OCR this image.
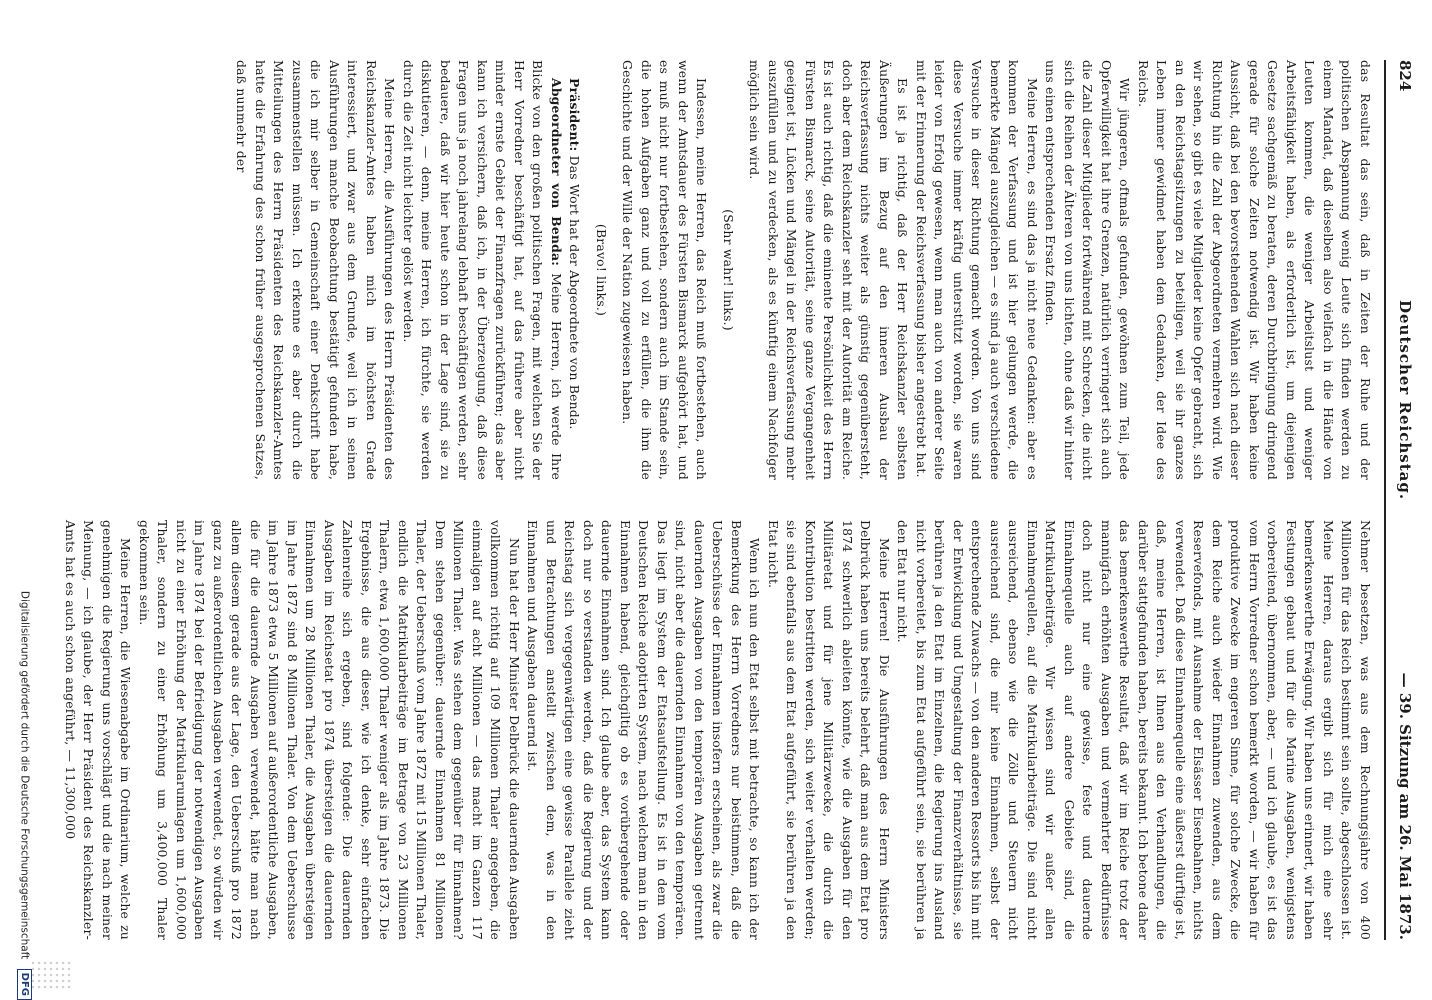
824
Deutscher Reichstag.
— 39. Sitzung am 26. Mai 1873.

das Resultat das sein, daß in Zeiten der Ruhe und der politischen Abspannung wenig Leute sich finden werden zu einem Mandat, daß dieselben also vielfach in die Hände von Leuten kommen, die weniger Arbeitslust und weniger Arbeitsfähigkeit haben, als erforderlich ist, um diejenigen Gesetze sachgemäß zu beraten, deren Durchbringung dringend gerade für solche Zeiten notwendig ist. Wir haben keine Aussicht, daß bei den bevorstehenden Wahlen sich nach dieser Richtung hin die Zahl der Abgeordneten vermehren wird. Wie wir sehen, so gibt es viele Mitglieder keine Opfer gebracht, sich an den Reichstagsitzungen zu beteiligen, weil sie ihr ganzes Leben immer gewidmet haben dem Gedanken, der Idee des Reichs.

Wir jüngeren, oftmals gefunden, gewöhnen zum Teil, jede Opferwilligkeit hat ihre Grenzen, natürlich verringert sich auch die Zahl dieser Mitglieder fortwährend mit Schrecken, die nicht sich die Reihen der Älteren von uns lichten, ohne daß wir hinter uns einen entsprechenden Ersatz finden.

Meine Herren, es sind das ja nicht neue Gedanken: aber es kommen der Verfassung und ist hier gelungen werde, die bemerkte Mängel auszugleichen — es sind ja auch verschiedene Versuche in dieser Richtung gemacht worden. Von uns sind diese Versuche immer kräftig unterstützt worden, sie waren leider von Erfolg gewesen, wenn man auch von anderer Seite mit der Erinnerung der Reichsverfassung bisher angestrebt hat.

Es ist ja richtig, daß der Herr Reichskanzler selbsten Äußerungen im Bezug auf den inneren Ausbau der Reichsverfassung nichts weiter als günstig gegenübersteht, doch aber dem Reichskanzler seht mit der Autorität am Reiche. Es ist auch richtig, daß die eminente Persönlichkeit des Herrn Fürsten Bismarck, seine Autorität, seine ganze Vergangenheit geeignet ist, Lücken und Mängel in der Reichsverfassung mehr auszufüllen und zu verdecken, als es künftig einem Nachfolger möglich sein wird.

(Sehr wahr! links.)

Indessen, meine Herren, das Reich muß fortbestehen, auch wenn der Amtsdauer des Fürsten Bismarck aufgehört hat, und es muß nicht nur fortbestehen, sondern auch im Stande sein, die hohen Aufgaben ganz und voll zu erfüllen, die ihm die Geschichte und der Wille der Nation zugewiesen haben.

(Bravo! links.)

Präsident: Das Wort hat der Abgeordnete von Benda.

Abgeordneter von Benda: Meine Herren, ich werde Ihre Blicke von den großen politischen Fragen, mit welchen Sie der Herr Vorredner beschäftigt hat, auf das frühere aber nicht minder ernste Gebiet der Finanzfragen zurückführen; das aber kann ich versichern, daß ich, in der Überzeugung, daß diese Fragen uns ja noch jahrelang lebhaft beschäftigen werden, sehr bedauere, daß wir hier heute schon in der Lage sind, sie zu diskutieren, — denn, meine Herren, ich fürchte, sie werden durch die Zeit nicht leichter gelöst werden.

Meine Herren, die Ausführungen des Herrn Präsidenten des Reichskanzler-Amtes haben mich im höchsten Grade interessiert, und zwar aus dem Grunde, weil ich in seinen Ausführungen manche Beobachtung bestätigt gefunden habe, die ich mir selber in Gemeinschaft einer Denkschrift habe zusammenstellen müssen. Ich erkenne es aber durch die Mitteilungen des Herrn Präsidenten des Reichskanzler-Amtes hatte die Erfahrung des schon früher ausgesprochenen Satzes, daß nunmehr der

Nehmer besetzen, was aus dem Rechnungsjahre von 400 Millionen für das Reich bestimmt sein sollte, abgeschlossen ist. Meine Herren, daraus ergibt sich für mich eine sehr bemerkenswerthe Erwägung. Wir haben uns erinnert, wir haben Festungen gebaut und für die Marine Ausgaben, wenigstens vorbereitend, übernommen, aber, — und ich glaube, es ist das vom Herrn Vorredner schon bemerkt worden, — wir haben für produktive Zwecke im engeren Sinne, für solche Zwecke, die dem Reiche auch wieder Einnahmen zuwenden, aus dem Reservefonds, mit Ausnahme der Elsässer Eisenbahnen, nichts verwendet. Daß diese Einnahmequelle eine äußerst dürftige ist, daß, meine Herren, ist Ihnen aus den Verhandlungen, die darüber stattgefunden haben, bereits bekannt. Ich betone daher das bemerkenswerthe Resultat, daß wir im Reiche trotz der mannigfach erhöhten Ausgaben und vermehrter Bedürfnisse doch nicht nur eine gewisse, feste und dauernde Einnahmequelle auch auf andere Gebiete sind, die Matrikularbeiträge. Wir wissen sind wir außer allen Einnahmequellen, auf die Matrikularbeiträge. Die sind nicht ausreichend, ebenso wie die Zölle und Steuern nicht ausreichend sind, die mir keine Einnahmen, selbst der entsprechende Zuwachs — von den anderen Ressorts bis hin mit der Entwicklung und Umgestaltung der Finanzverhältnisse, sie berühren ja den Etat im Einzelnen, die Regierung ins Ausland nicht vorbereitet, bis zum Etat aufgeführt sein, sie berühren ja den Etat nur nicht.

Meine Herren! Die Ausführungen des Herrn Ministers Delbrück haben uns bereits belehrt, daß man aus dem Etat pro 1874 schwerlich ableiten könnte, wie die Ausgaben für den Militäretat und für jene Militärzwecke, die durch die Kontribution bestritten werden, sich weiter verhalten werden; sie sind ebenfalls aus dem Etat aufgeführt, sie berühren ja den Etat nicht.

Wenn ich nun den Etat selbst mit betrachte, so kann ich der Bemerkung des Herrn Vorredners nur beistimmen, daß die Ueberschüsse der Einnahmen insofern erscheinen, als zwar die dauernden Ausgaben von den temporären Ausgaben getrennt sind, nicht aber die dauernden Einnahmen von den temporären. Das liegt im System der Etatsaufstellung. Es ist in dem vom Deutschen Reiche adoptirten System, nach welchem man in den Einnahmen habend, gleichgiltig ob es vorübergehende oder dauernde Einnahmen sind. Ich glaube aber, das System kann doch nur so verstanden werden, daß die Regierung und der Reichstag sich vergegenwärtigen eine gewisse Parallele zieht und Betrachtungen anstellt zwischen dem, was in den Einnahmen und Ausgaben dauernd ist.

Nun hat der Herr Minister Delbrück die dauernden Ausgaben vollkommen richtig auf 109 Millionen Thaler angegeben, die einmaligen auf acht Millionen — das macht im Ganzen 117 Millionen Thaler. Was stehen dem gegenüber für Einnahmen? Dem stehen gegenüber: dauernde Einnahmen 81 Millionen Thaler, der Ueberschuß vom Jahre 1872 mit 15 Millionen Thaler, endlich die Matrikularbeiträge im Betrage von 23 Millionen Thalern, etwa 1,600,000 Thaler weniger als im Jahre 1873. Die Ergebnisse, die aus dieser, wie ich denke, sehr einfachen Zahlenreihe sich ergeben, sind folgende: Die dauernden Ausgaben im Reichsetat pro 1874 übersteigen die dauernden Einnahmen um 28 Millionen Thaler, die Ausgaben übersteigen im Jahre 1872 sind 8 Millionen Thaler. Von dem Ueberschusse im Jahre 1873 etwa 5 Millionen auf außerordentliche Ausgaben, die für die dauernde Ausgaben verwendet, hätte man nach allem diesem gerade aus der Lage, den Ueberschuß pro 1872 ganz zu außerordentlichen Ausgaben verwendet, so würden wir im Jahre 1874 bei der Befriedigung der notwendigen Ausgaben nicht zu einer Erhöhung der Matrikularumlagen um 1,600,000 Thaler, sondern zu einer Erhöhung um 3,400,000 Thaler gekommen sein.

Meine Herren, die Wiesenabgabe im Ordinarium, welche zu genehmigen die Regierung uns vorschlägt und die nach meiner Meinung, — ich glaube, der Herr Präsident des Reichskanzler-Amts hat es auch schon angeführt, — 11,300,000

Digitalisierung gefördert durch die Deutsche Forschungsgemeinschaft DFG
